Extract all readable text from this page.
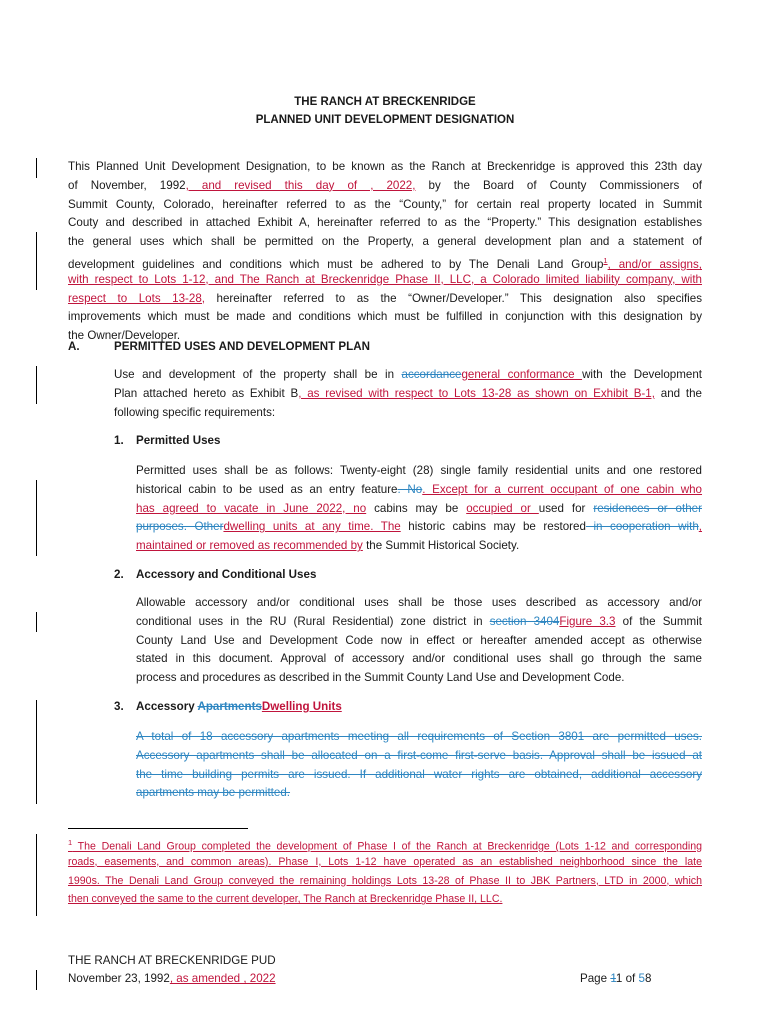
THE RANCH AT BRECKENRIDGE
PLANNED UNIT DEVELOPMENT DESIGNATION
This Planned Unit Development Designation, to be known as the Ranch at Breckenridge is approved this 23th day
of November, 1992, and revised this day of , 2022, by the Board of County Commissioners of
Summit County, Colorado, hereinafter referred to as the “County,” for certain real property located in Summit
Couty and described in attached Exhibit A, hereinafter referred to as the “Property.” This designation establishes
the general uses which shall be permitted on the Property, a general development plan and a statement of
development guidelines and conditions which must be adhered to by The Denali Land Group$^1$, and/or assigns,
with respect to Lots 1-12, and The Ranch at Breckenridge Phase II, LLC, a Colorado limited liability company, with
respect to Lots 13-28, hereinafter referred to as the “Owner/Developer.” This designation also specifies
improvements which must be made and conditions which must be fulfilled in conjunction with this designation by
the Owner/Developer.
A.	PERMITTED USES AND DEVELOPMENT PLAN
Use and development of the property shall be in accordancegeneral conformance with the Development
Plan attached hereto as Exhibit B, as revised with respect to Lots 13-28 as shown on Exhibit B-1, and the
following specific requirements:
1. Permitted Uses
Permitted uses shall be as follows: Twenty-eight (28) single family residential units and one restored
historical cabin to be used as an entry feature. No. Except for a current occupant of one cabin who
has agreed to vacate in June 2022, no cabins may be occupied or used for residences or other
purposes. Otherdwelling units at any time. The historic cabins may be restored in cooperation with,
maintained or removed as recommended by the Summit Historical Society.
2. Accessory and Conditional Uses
Allowable accessory and/or conditional uses shall be those uses described as accessory and/or
conditional uses in the RU (Rural Residential) zone district in section 3404Figure 3.3 of the Summit
County Land Use and Development Code now in effect or hereafter amended accept as otherwise
stated in this document. Approval of accessory and/or conditional uses shall go through the same
process and procedures as described in the Summit County Land Use and Development Code.
3. Accessory ApartmentsDwelling Units
A total of 18 accessory apartments meeting all requirements of Section 3801 are permitted uses.
Accessory apartments shall be allocated on a first-come first-serve basis. Approval shall be issued at
the time building permits are issued. If additional water rights are obtained, additional accessory
apartments may be permitted.
$^1$ The Denali Land Group completed the development of Phase I of the Ranch at Breckenridge (Lots 1-12 and corresponding
roads, easements, and common areas). Phase I, Lots 1-12 have operated as an established neighborhood since the late
1990s. The Denali Land Group conveyed the remaining holdings Lots 13-28 of Phase II to JBK Partners, LTD in 2000, which
then conveyed the same to the current developer, The Ranch at Breckenridge Phase II, LLC.
THE RANCH AT BRECKENRIDGE PUD
November 23, 1992, as amended , 2022	Page 11 of 58
